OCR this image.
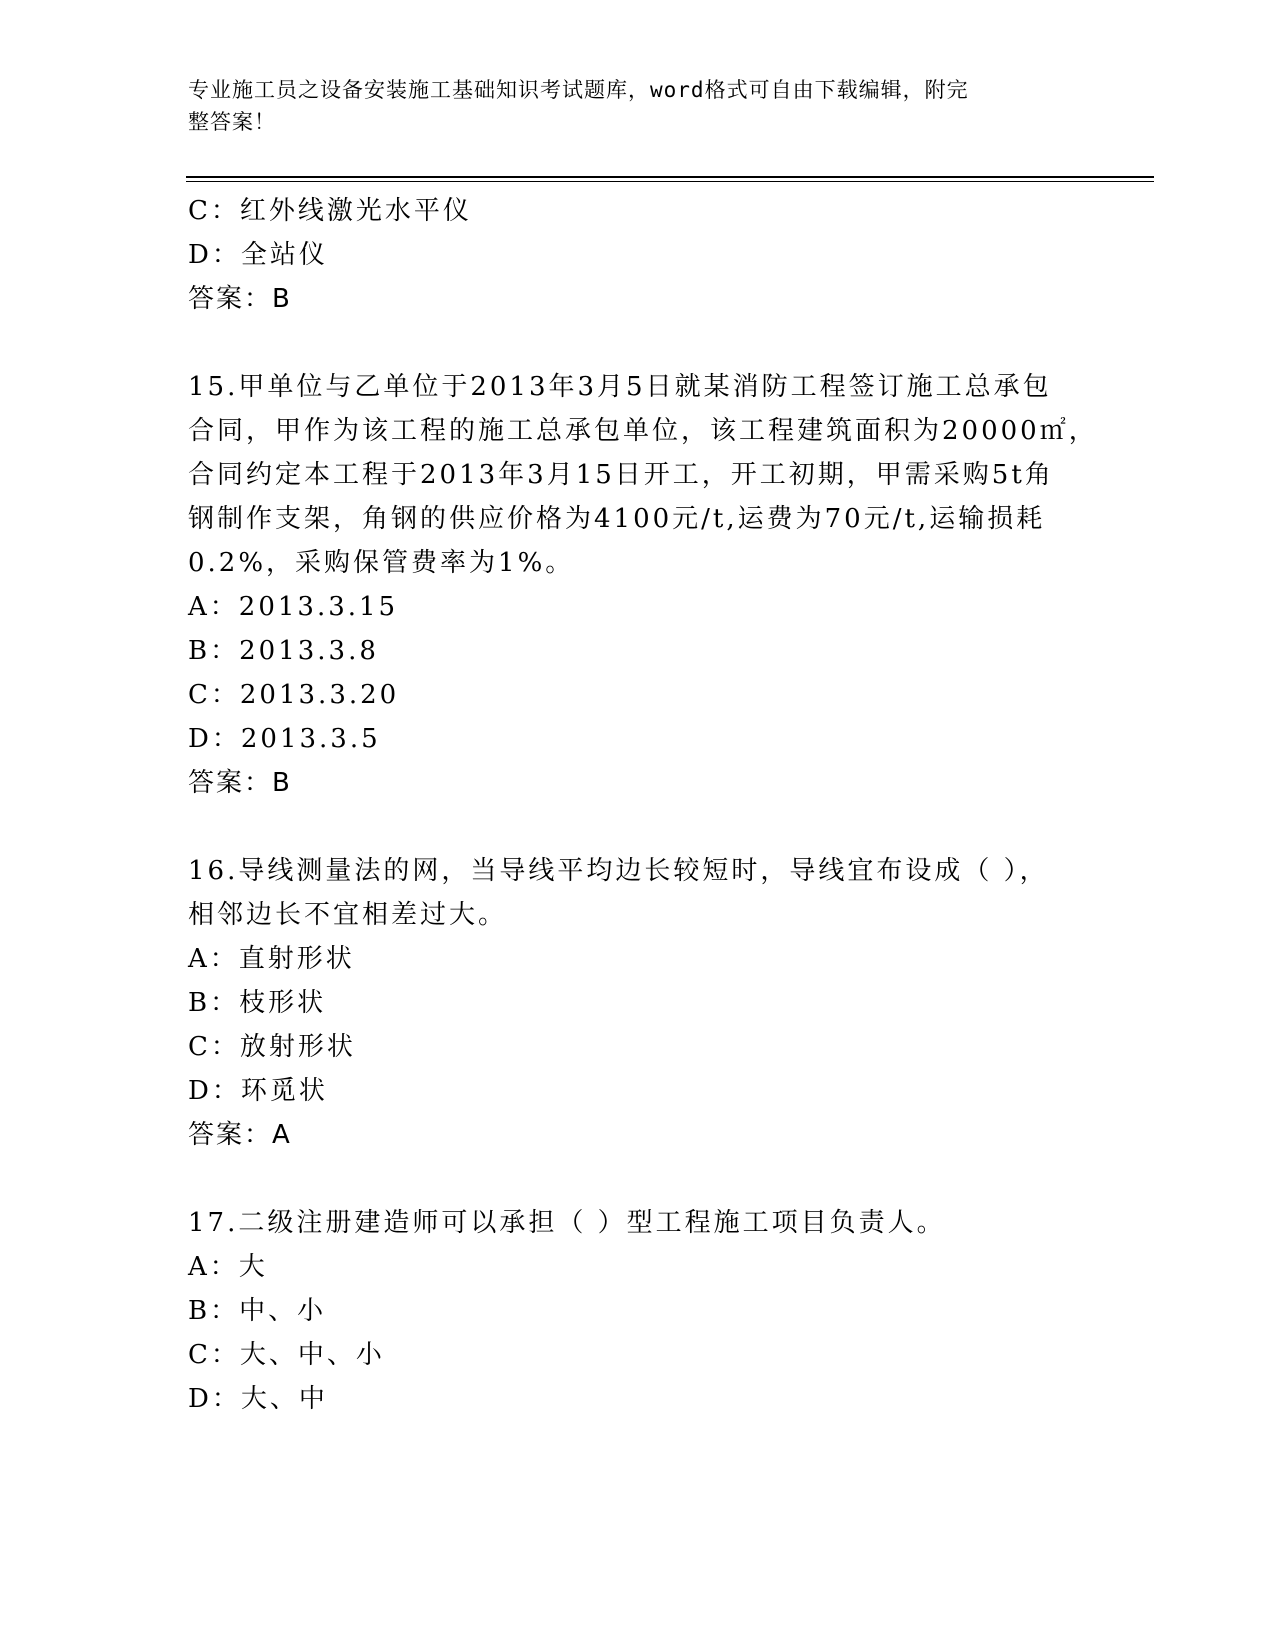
专业施工员之设备安装施工基础知识考试题库，word格式可自由下载编辑，附完
整答案！
C：红外线激光水平仪
D：全站仪
答案：B
15.甲单位与乙单位于2013年3月5日就某消防工程签订施工总承包
合同，甲作为该工程的施工总承包单位，该工程建筑面积为20000㎡，
合同约定本工程于2013年3月15日开工，开工初期，甲需采购5t角
钢制作支架，角钢的供应价格为4100元/t,运费为70元/t,运输损耗
0.2%，采购保管费率为1%。
A：2013.3.15
B：2013.3.8
C：2013.3.20
D：2013.3.5
答案：B
16.导线测量法的网，当导线平均边长较短时，导线宜布设成（ ），
相邻边长不宜相差过大。
A：直射形状
B：枝形状
C：放射形状
D：环觅状
答案：A
17.二级注册建造师可以承担（ ）型工程施工项目负责人。
A：大
B：中、小
C：大、中、小
D：大、中
